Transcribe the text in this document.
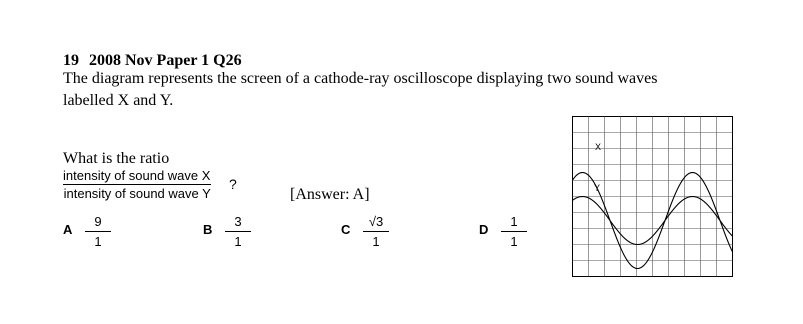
19 2008 Nov Paper 1 Q26
The diagram represents the screen of a cathode-ray oscilloscope displaying two sound waves
labelled X and Y.
What is the ratio
$\frac{\text{intensity of sound wave X}}{\text{intensity of sound wave Y}}$ ?
[Answer: A]
A $\frac{9}{1}$	B $\frac{3}{1}$	C $\frac{√3}{1}$	D $\frac{1}{1}$
X
Y
